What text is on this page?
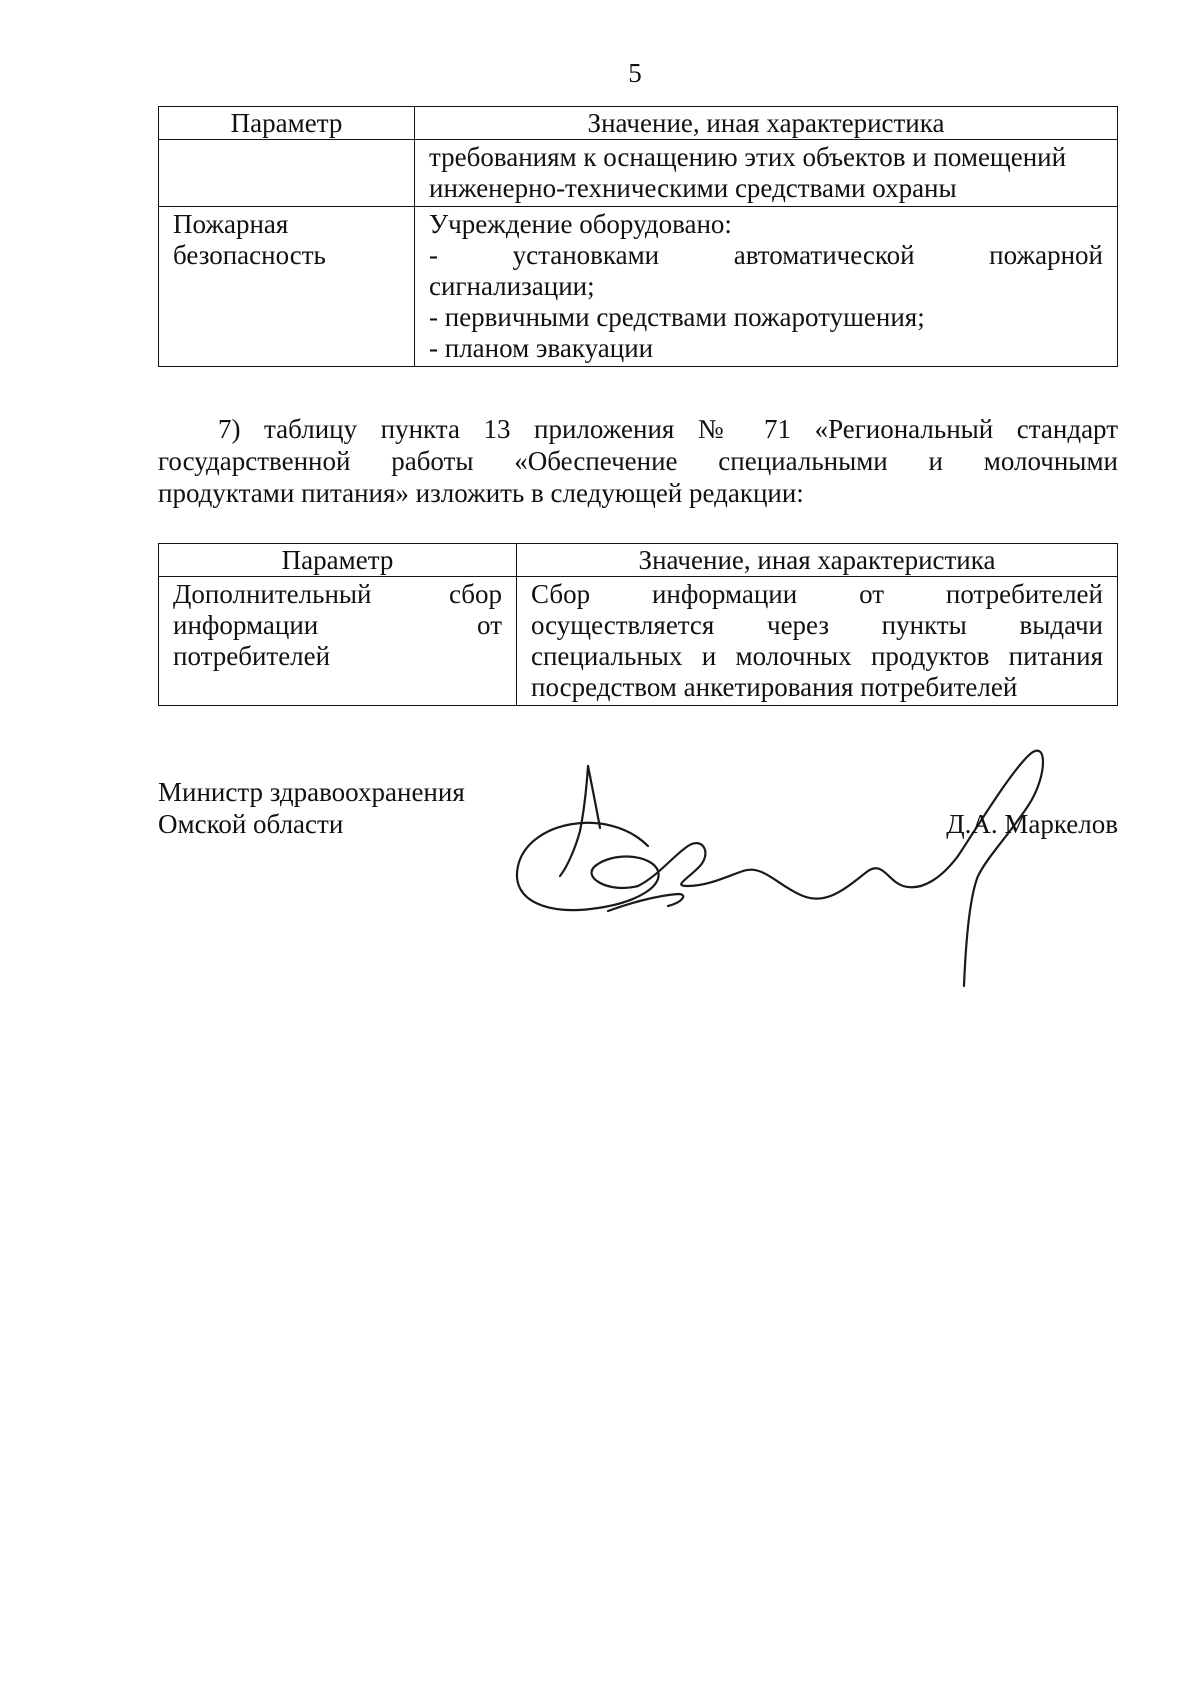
5
Параметр	Значение, иная характеристика

	требованиям к оснащению этих объектов и помещений
инженерно-техническими средствами охраны

Пожарная
безопасность	Учреждение оборудовано:
- установками автоматической пожарной
сигнализации;
- первичными средствами пожаротушения;
- планом эвакуации
7) таблицу пункта 13 приложения № 71 «Региональный стандарт
государственной работы «Обеспечение специальными и молочными
продуктами питания» изложить в следующей редакции:
Параметр	Значение, иная характеристика

Дополнительный сбор
информации от
потребителей	Сбор информации от потребителей
осуществляется через пункты выдачи
специальных и молочных продуктов питания
посредством анкетирования потребителей
Министр здравоохранения
Омской области	Д.А. Маркелов
